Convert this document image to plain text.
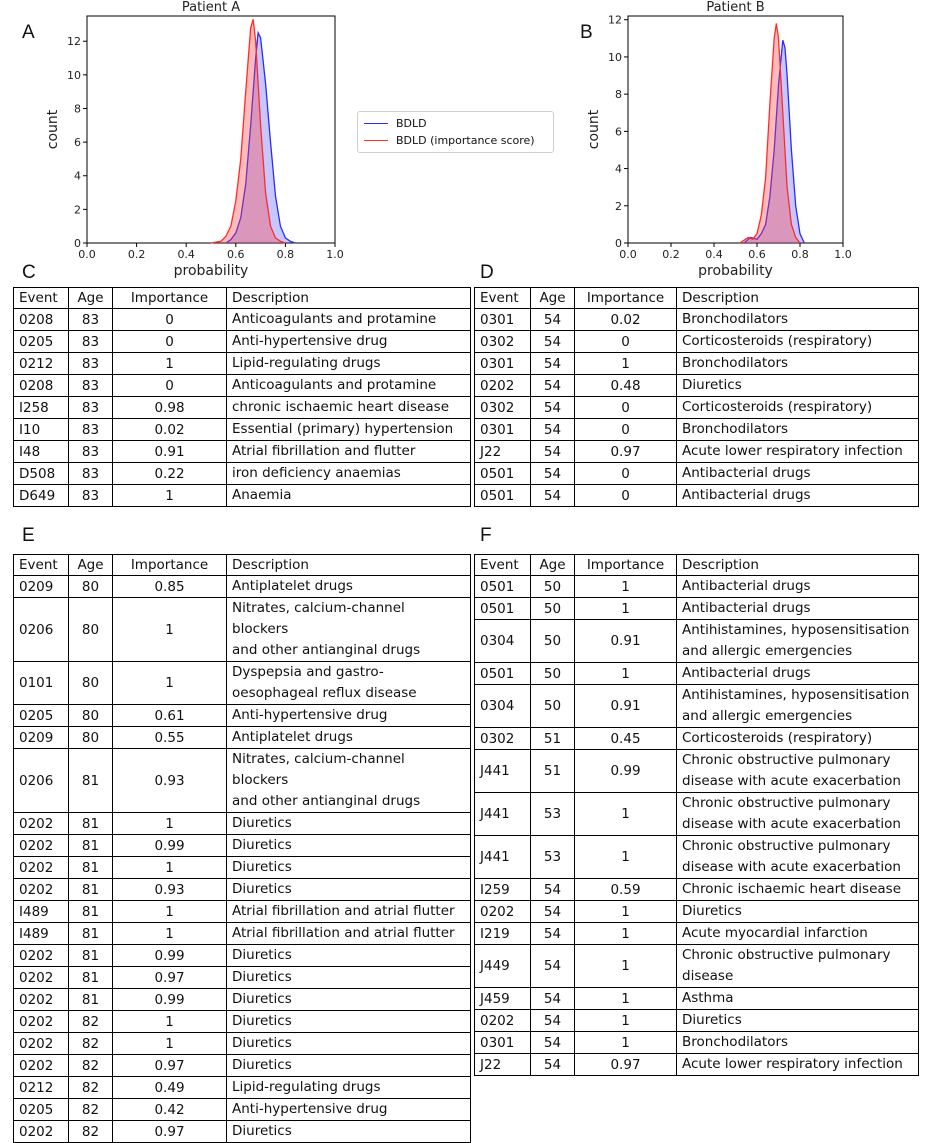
A	B
C	D
E	F
Patient A
0.0	0.2	0.4	0.6	0.8	1.0
0
2
4
6
8
10
12
probability
count
Patient B
0.0 0.2 0.4 0.6 0.8 1.0
0
2
4
6
8
10
12
probability
count
BDLD
BDLD (importance score)
Event	Age	Importance	Description
0208	83	0	Anticoagulants and protamine
0205	83	0	Anti-hypertensive drug
0212	83	1	Lipid-regulating drugs
0208	83	0	Anticoagulants and protamine
I258	83	0.98	chronic ischaemic heart disease
I10	83	0.02	Essential (primary) hypertension
I48	83	0.91	Atrial fibrillation and flutter
D508	83	0.22	iron deficiency anaemias
D649	83	1	Anaemia
Event	Age	Importance	Description
0301	54	0.02	Bronchodilators
0302	54	0	Corticosteroids (respiratory)
0301	54	1	Bronchodilators
0202	54	0.48	Diuretics
0302	54	0	Corticosteroids (respiratory)
0301	54	0	Bronchodilators
J22	54	0.97	Acute lower respiratory infection
0501	54	0	Antibacterial drugs
0501	54	0	Antibacterial drugs
Event	Age	Importance	Description
0209	80	0.85	Antiplatelet drugs
0206	80	1	Nitrates, calcium-channel blockers
and other antianginal drugs
0101	80	1	Dyspepsia and gastro-
oesophageal reflux disease
0205	80	0.61	Anti-hypertensive drug
0209	80	0.55	Antiplatelet drugs
0206	81	0.93	Nitrates, calcium-channel blockers
and other antianginal drugs
0202	81	1	Diuretics
0202	81	0.99	Diuretics
0202	81	1	Diuretics
0202	81	0.93	Diuretics
I489	81	1	Atrial fibrillation and atrial flutter
I489	81	1	Atrial fibrillation and atrial flutter
0202	81	0.99	Diuretics
0202	81	0.97	Diuretics
0202	81	0.99	Diuretics
0202	82	1	Diuretics
0202	82	1	Diuretics
0202	82	0.97	Diuretics
0212	82	0.49	Lipid-regulating drugs
0205	82	0.42	Anti-hypertensive drug
0202	82	0.97	Diuretics
Event	Age	Importance	Description
0501	50	1	Antibacterial drugs
0501	50	1	Antibacterial drugs
0304	50	0.91	Antihistamines, hyposensitisation
and allergic emergencies
0501	50	1	Antibacterial drugs
0304	50	0.91	Antihistamines, hyposensitisation
and allergic emergencies
0302	51	0.45	Corticosteroids (respiratory)
J441	51	0.99	Chronic obstructive pulmonary
disease with acute exacerbation
J441	53	1	Chronic obstructive pulmonary
disease with acute exacerbation
J441	53	1	Chronic obstructive pulmonary
disease with acute exacerbation
I259	54	0.59	Chronic ischaemic heart disease
0202	54	1	Diuretics
I219	54	1	Acute myocardial infarction
J449	54	1	Chronic obstructive pulmonary
disease
J459	54	1	Asthma
0202	54	1	Diuretics
0301	54	1	Bronchodilators
J22	54	0.97	Acute lower respiratory infection
